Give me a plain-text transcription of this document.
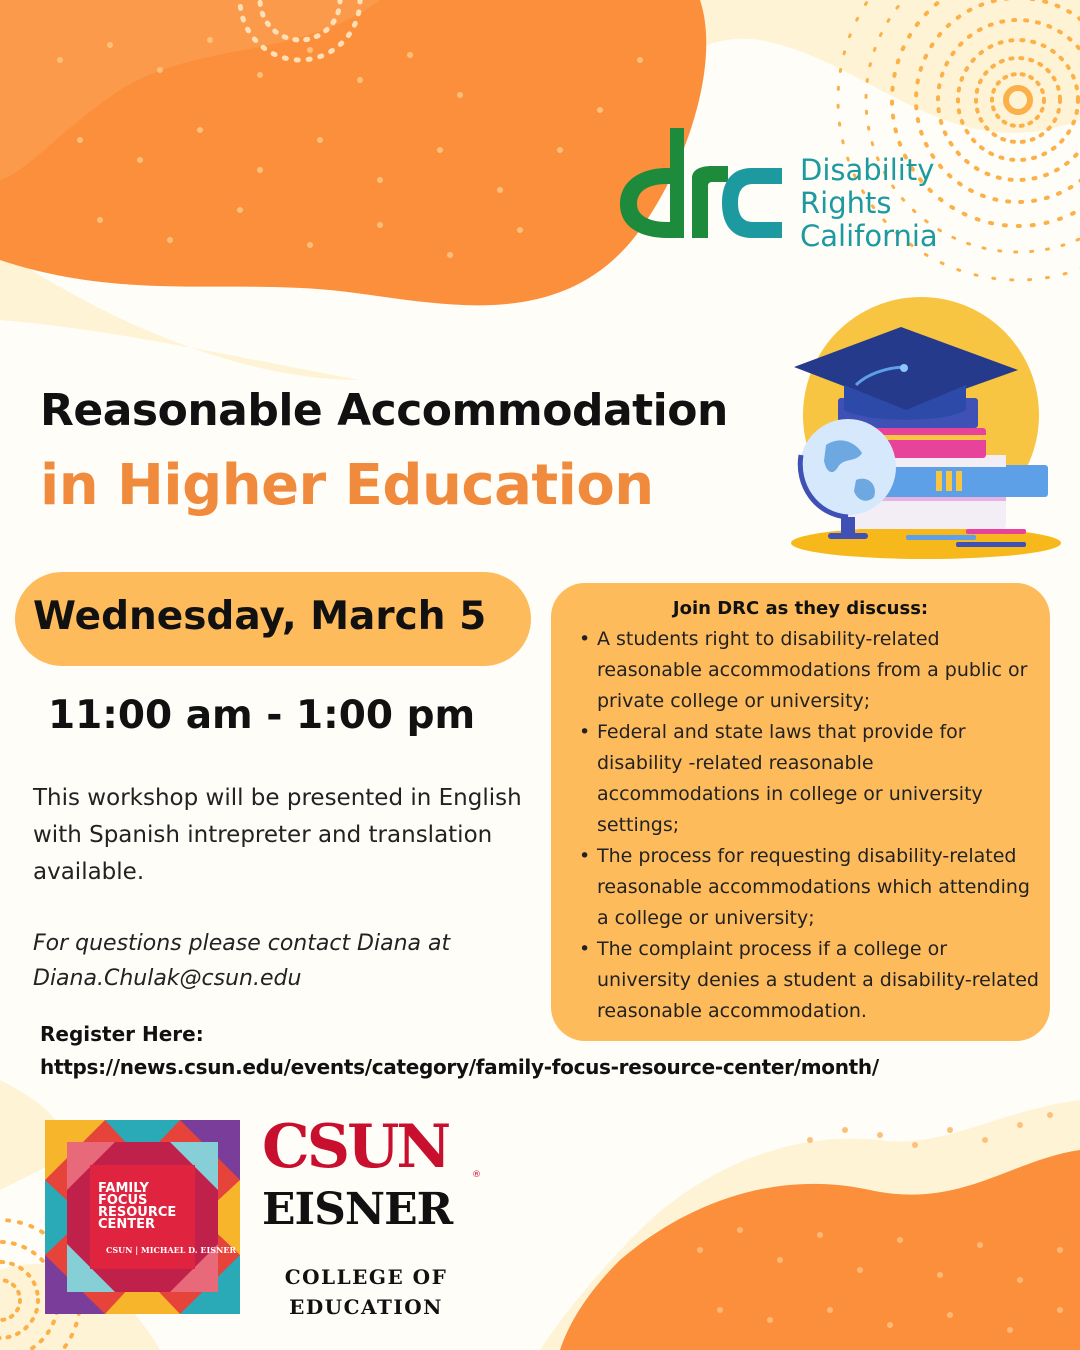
Disability
Rights
California
Reasonable Accommodation
in Higher Education
Wednesday, March 5
11:00 am - 1:00 pm
This workshop will be presented in English with Spanish intrepreter and translation available.
For questions please contact Diana at Diana.Chulak@csun.edu
Join DRC as they discuss:
• A students right to disability-related reasonable accommodations from a public or private college or university;
• Federal and state laws that provide for disability -related reasonable accommodations in college or university settings;
• The process for requesting disability-related reasonable accommodations which attending a college or university;
• The complaint process if a college or university denies a student a disability-related reasonable accommodation.
Register Here:
https://news.csun.edu/events/category/family-focus-resource-center/month/
FAMILY
FOCUS
RESOURCE
CENTER
CSUN | MICHAEL D. EISNER
CSUN	®
EISNER
COLLEGE OF
EDUCATION
